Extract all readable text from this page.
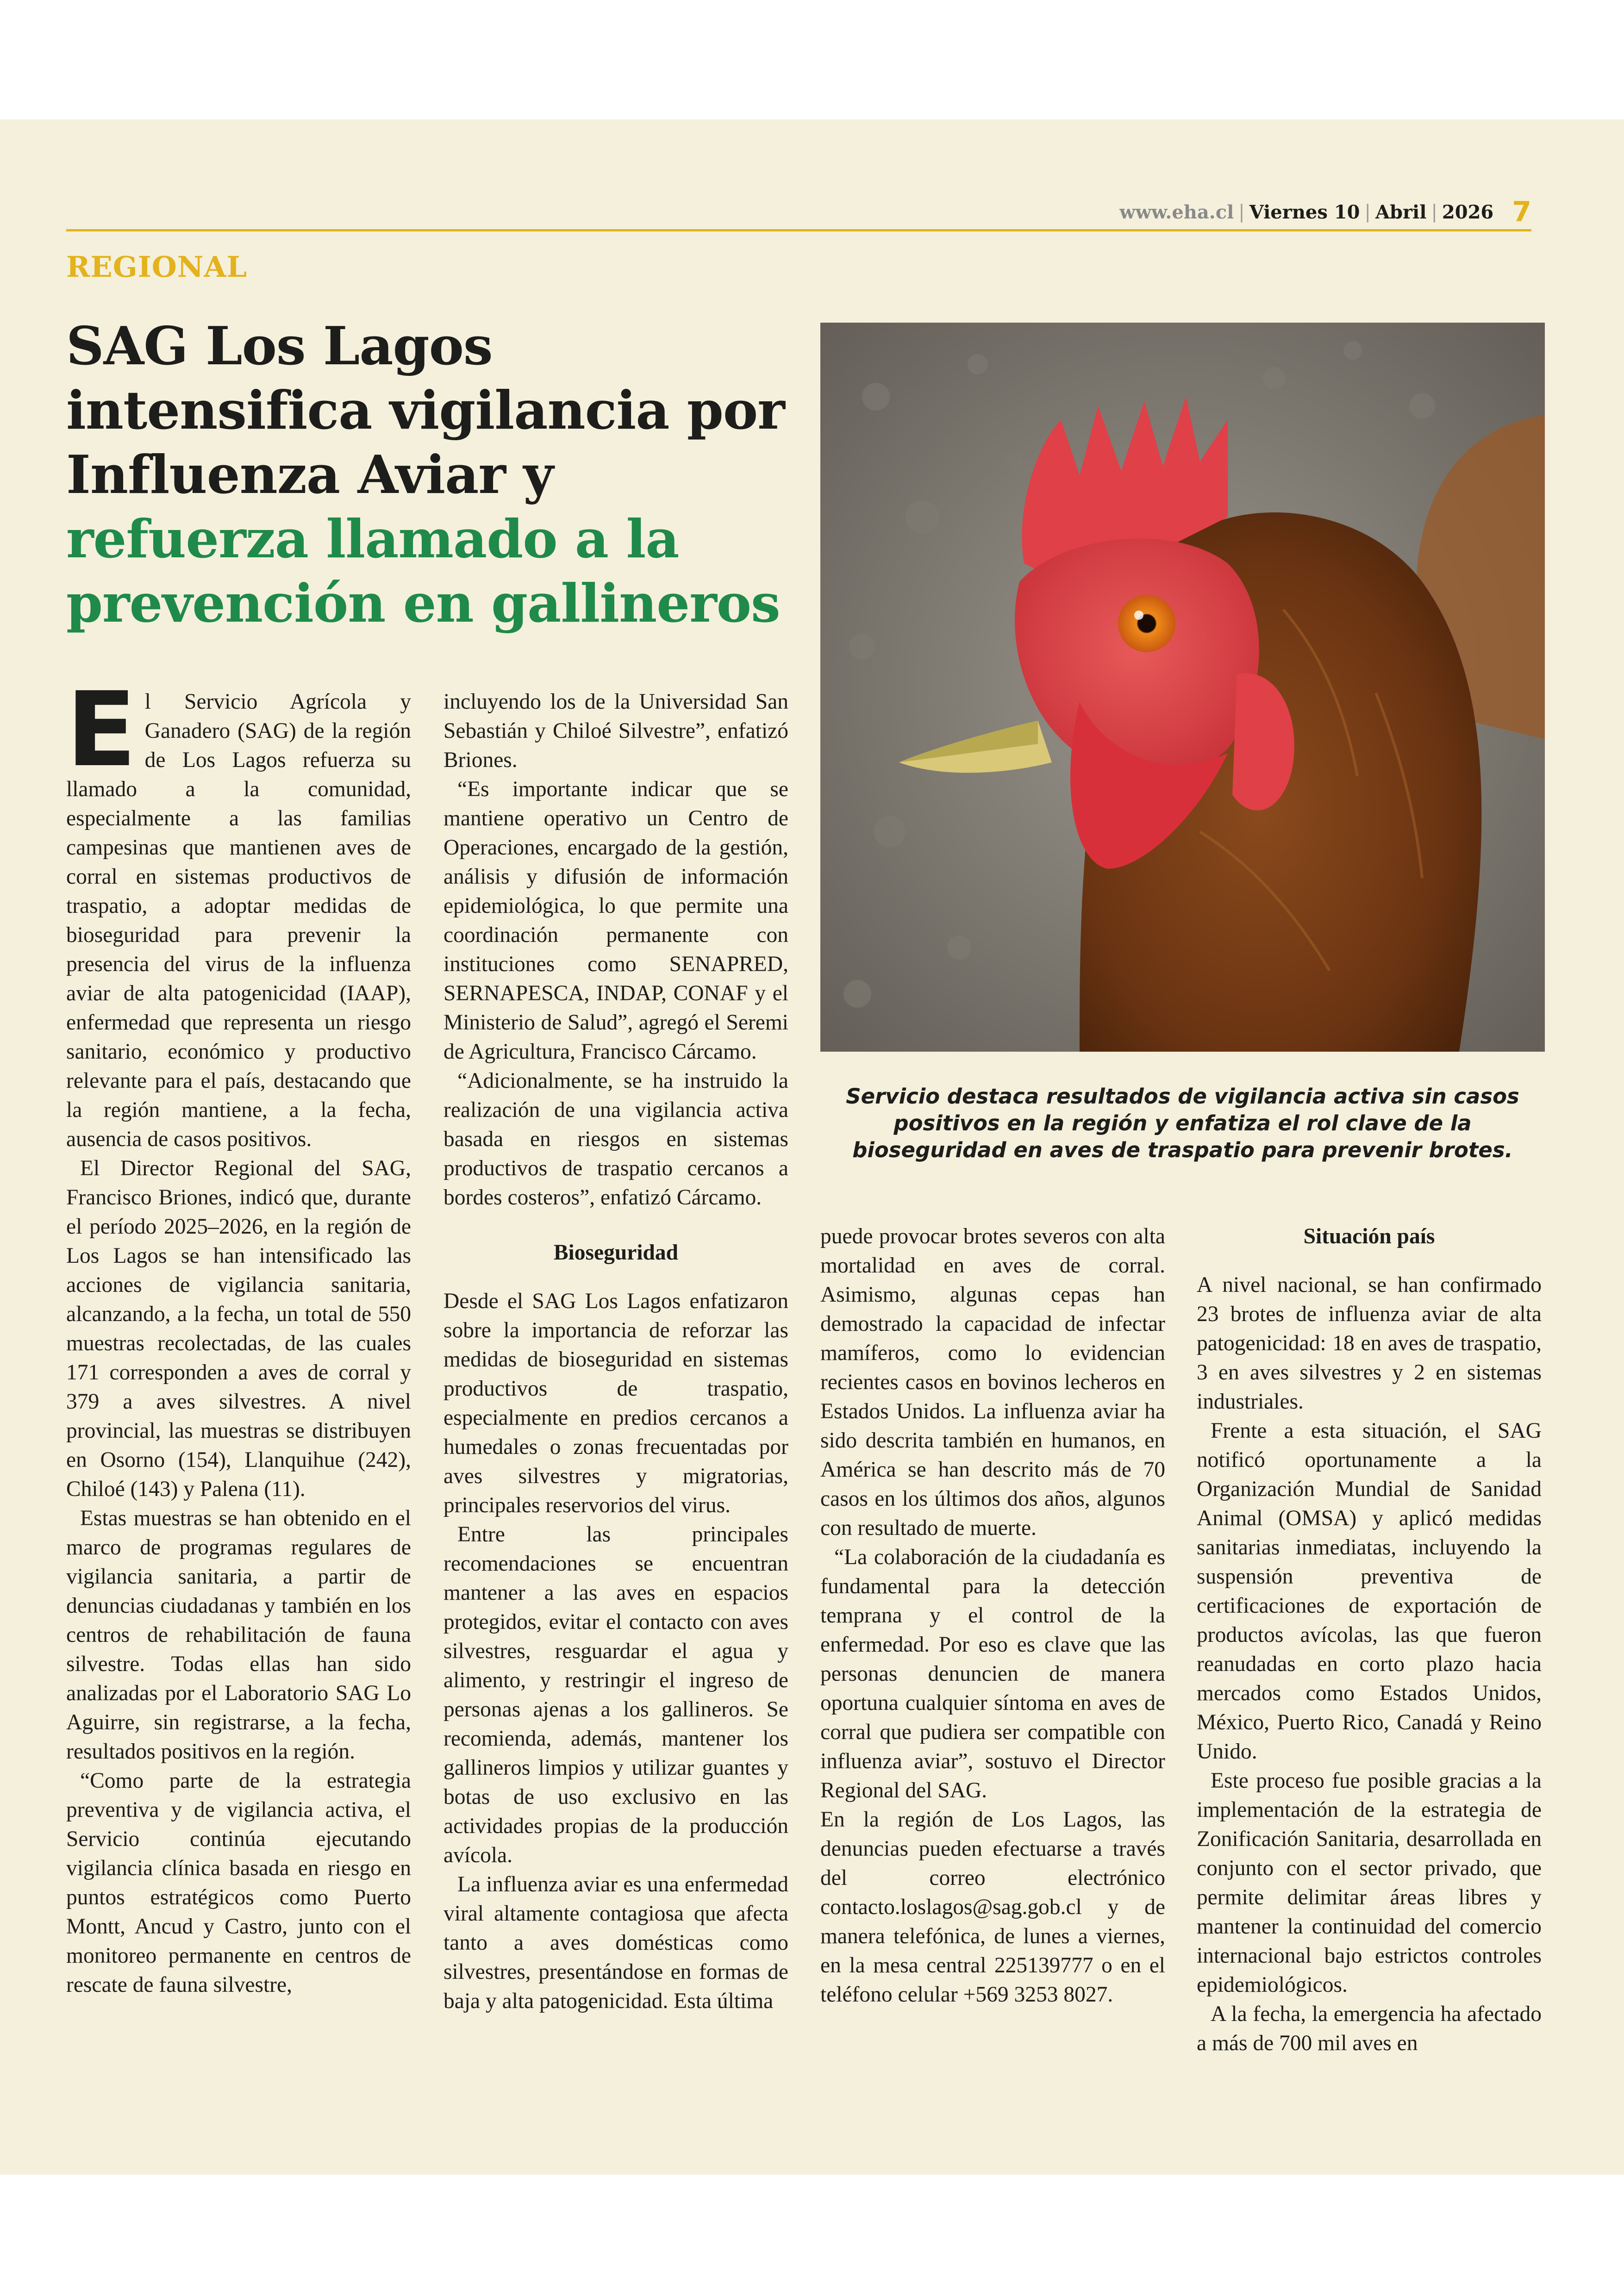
www.eha.cl | Viernes 10 | Abril | 2026 7
REGIONAL
SAG Los Lagos intensifica vigilancia por Influenza Aviar y refuerza llamado a la prevención en gallineros
Servicio destaca resultados de vigilancia activa sin casos positivos en la región y enfatiza el rol clave de la bioseguridad en aves de traspatio para prevenir brotes.

El Servicio Agrícola y Ganadero (SAG) de la región de Los Lagos refuerza su llamado a la comunidad, especialmente a las familias campesinas que mantienen aves de corral en sistemas productivos de traspatio, a adoptar medidas de bioseguridad para prevenir la presencia del virus de la influenza aviar de alta patogenicidad (IAAP), enfermedad que representa un riesgo sanitario, económico y productivo relevante para el país, destacando que la región mantiene, a la fecha, ausencia de casos positivos.

El Director Regional del SAG, Francisco Briones, indicó que, durante el período 2025–2026, en la región de Los Lagos se han intensificado las acciones de vigilancia sanitaria, alcanzando, a la fecha, un total de 550 muestras recolectadas, de las cuales 171 corresponden a aves de corral y 379 a aves silvestres. A nivel provincial, las muestras se distribuyen en Osorno (154), Llanquihue (242), Chiloé (143) y Palena (11).

Estas muestras se han obtenido en el marco de programas regulares de vigilancia sanitaria, a partir de denuncias ciudadanas y también en los centros de rehabilitación de fauna silvestre. Todas ellas han sido analizadas por el Laboratorio SAG Lo Aguirre, sin registrarse, a la fecha, resultados positivos en la región.

“Como parte de la estrategia preventiva y de vigilancia activa, el Servicio continúa ejecutando vigilancia clínica basada en riesgo en puntos estratégicos como Puerto Montt, Ancud y Castro, junto con el monitoreo permanente en centros de rescate de fauna silvestre,

incluyendo los de la Universidad San Sebastián y Chiloé Silvestre”, enfatizó Briones.

“Es importante indicar que se mantiene operativo un Centro de Operaciones, encargado de la gestión, análisis y difusión de información epidemiológica, lo que permite una coordinación permanente con instituciones como SENAPRED, SERNAPESCA, INDAP, CONAF y el Ministerio de Salud”, agregó el Seremi de Agricultura, Francisco Cárcamo.

“Adicionalmente, se ha instruido la realización de una vigilancia activa basada en riesgos en sistemas productivos de traspatio cercanos a bordes costeros”, enfatizó Cárcamo.

Bioseguridad

Desde el SAG Los Lagos enfatizaron sobre la importancia de reforzar las medidas de bioseguridad en sistemas productivos de traspatio, especialmente en predios cercanos a humedales o zonas frecuentadas por aves silvestres y migratorias, principales reservorios del virus.

Entre las principales recomendaciones se encuentran mantener a las aves en espacios protegidos, evitar el contacto con aves silvestres, resguardar el agua y alimento, y restringir el ingreso de personas ajenas a los gallineros. Se recomienda, además, mantener los gallineros limpios y utilizar guantes y botas de uso exclusivo en las actividades propias de la producción avícola.

La influenza aviar es una enfermedad viral altamente contagiosa que afecta tanto a aves domésticas como silvestres, presentándose en formas de baja y alta patogenicidad. Esta última

puede provocar brotes severos con alta mortalidad en aves de corral. Asimismo, algunas cepas han demostrado la capacidad de infectar mamíferos, como lo evidencian recientes casos en bovinos lecheros en Estados Unidos. La influenza aviar ha sido descrita también en humanos, en América se han descrito más de 70 casos en los últimos dos años, algunos con resultado de muerte.

“La colaboración de la ciudadanía es fundamental para la detección temprana y el control de la enfermedad. Por eso es clave que las personas denuncien de manera oportuna cualquier síntoma en aves de corral que pudiera ser compatible con influenza aviar”, sostuvo el Director Regional del SAG.

En la región de Los Lagos, las denuncias pueden efectuarse a través del correo electrónico contacto.loslagos@sag.gob.cl y de manera telefónica, de lunes a viernes, en la mesa central 225139777 o en el teléfono celular +569 3253 8027.

Situación país

A nivel nacional, se han confirmado 23 brotes de influenza aviar de alta patogenicidad: 18 en aves de traspatio, 3 en aves silvestres y 2 en sistemas industriales.

Frente a esta situación, el SAG notificó oportunamente a la Organización Mundial de Sanidad Animal (OMSA) y aplicó medidas sanitarias inmediatas, incluyendo la suspensión preventiva de certificaciones de exportación de productos avícolas, las que fueron reanudadas en corto plazo hacia mercados como Estados Unidos, México, Puerto Rico, Canadá y Reino Unido.

Este proceso fue posible gracias a la implementación de la estrategia de Zonificación Sanitaria, desarrollada en conjunto con el sector privado, que permite delimitar áreas libres y mantener la continuidad del comercio internacional bajo estrictos controles epidemiológicos.

A la fecha, la emergencia ha afectado a más de 700 mil aves en
